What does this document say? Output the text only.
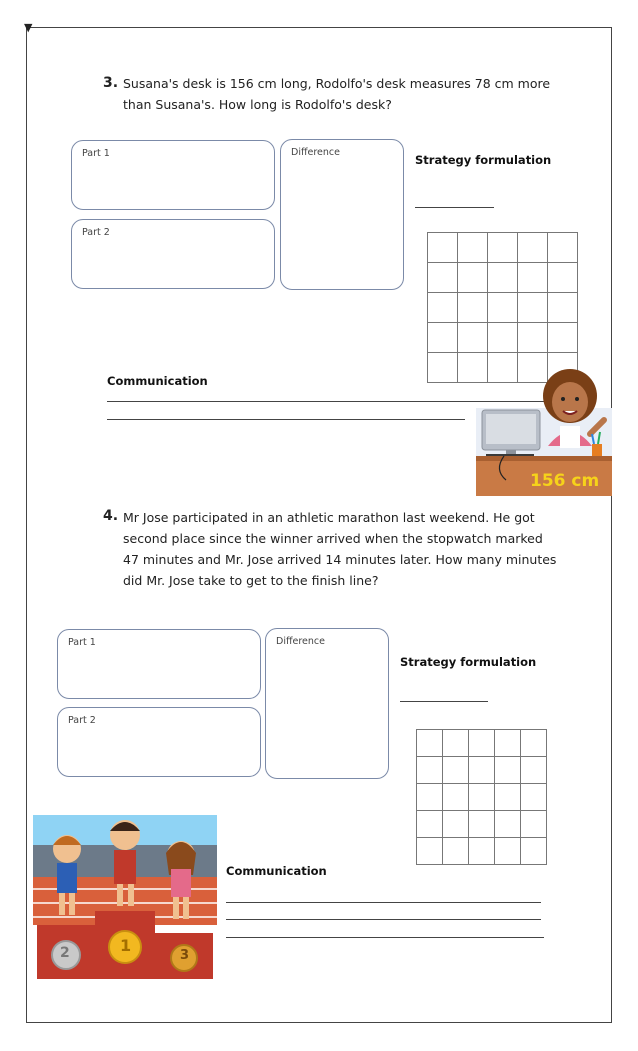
▼
3. Susana's desk is 156 cm long, Rodolfo's desk measures 78 cm more
than Susana's. How long is Rodolfo's desk?
Part 1
Part 2
Difference
Strategy formulation

Communication
156 cm
4. Mr Jose participated in an athletic marathon last weekend. He got
second place since the winner arrived when the stopwatch marked
47 minutes and Mr. Jose arrived 14 minutes later. How many minutes
did Mr. Jose take to get to the finish line?
Part 1
Part 2
Difference
Strategy formulation

2	1
3
Communication
